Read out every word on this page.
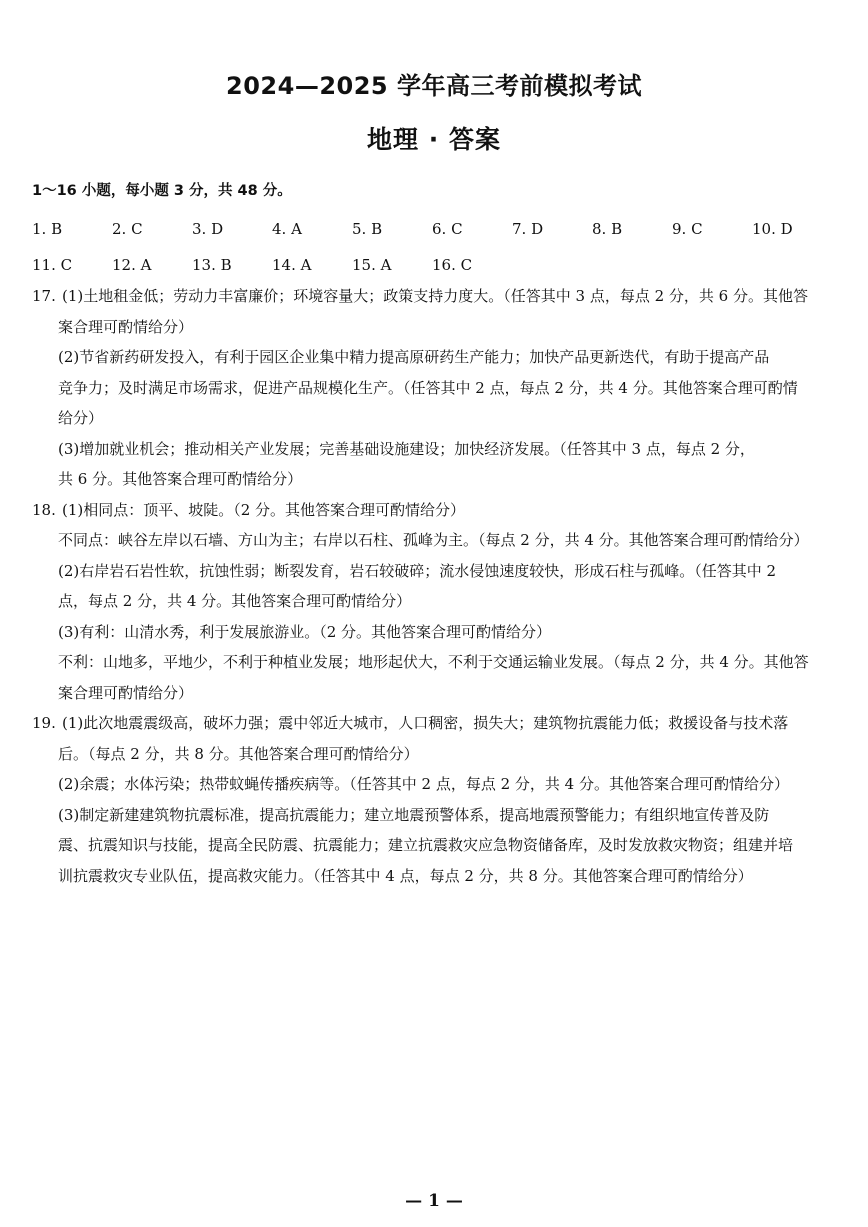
2024—2025 学年高三考前模拟考试
地理 · 答案
1～16 小题，每小题 3 分，共 48 分。
1. B	2. C	3. D	4. A	5. B	6. C	7. D	8. B	9. C	10. D
11. C	12. A	13. B	14. A	15. A	16. C
17. (1)土地租金低；劳动力丰富廉价；环境容量大；政策支持力度大。（任答其中 3 点，每点 2 分，共 6 分。其他答

案合理可酌情给分）

(2)节省新药研发投入，有利于园区企业集中精力提高原研药生产能力；加快产品更新迭代，有助于提高产品

竞争力；及时满足市场需求，促进产品规模化生产。（任答其中 2 点，每点 2 分，共 4 分。其他答案合理可酌情

给分）

(3)增加就业机会；推动相关产业发展；完善基础设施建设；加快经济发展。（任答其中 3 点，每点 2 分，

共 6 分。其他答案合理可酌情给分）

18. (1)相同点：顶平、坡陡。（2 分。其他答案合理可酌情给分）

不同点：峡谷左岸以石墙、方山为主；右岸以石柱、孤峰为主。（每点 2 分，共 4 分。其他答案合理可酌情给分）

(2)右岸岩石岩性软，抗蚀性弱；断裂发育，岩石较破碎；流水侵蚀速度较快，形成石柱与孤峰。（任答其中 2

点，每点 2 分，共 4 分。其他答案合理可酌情给分）

(3)有利：山清水秀，利于发展旅游业。（2 分。其他答案合理可酌情给分）

不利：山地多，平地少，不利于种植业发展；地形起伏大，不利于交通运输业发展。（每点 2 分，共 4 分。其他答

案合理可酌情给分）

19. (1)此次地震震级高，破坏力强；震中邻近大城市，人口稠密，损失大；建筑物抗震能力低；救援设备与技术落

后。（每点 2 分，共 8 分。其他答案合理可酌情给分）

(2)余震；水体污染；热带蚊蝇传播疾病等。（任答其中 2 点，每点 2 分，共 4 分。其他答案合理可酌情给分）

(3)制定新建建筑物抗震标准，提高抗震能力；建立地震预警体系，提高地震预警能力；有组织地宣传普及防

震、抗震知识与技能，提高全民防震、抗震能力；建立抗震救灾应急物资储备库，及时发放救灾物资；组建并培

训抗震救灾专业队伍，提高救灾能力。（任答其中 4 点，每点 2 分，共 8 分。其他答案合理可酌情给分）

— 1 —
